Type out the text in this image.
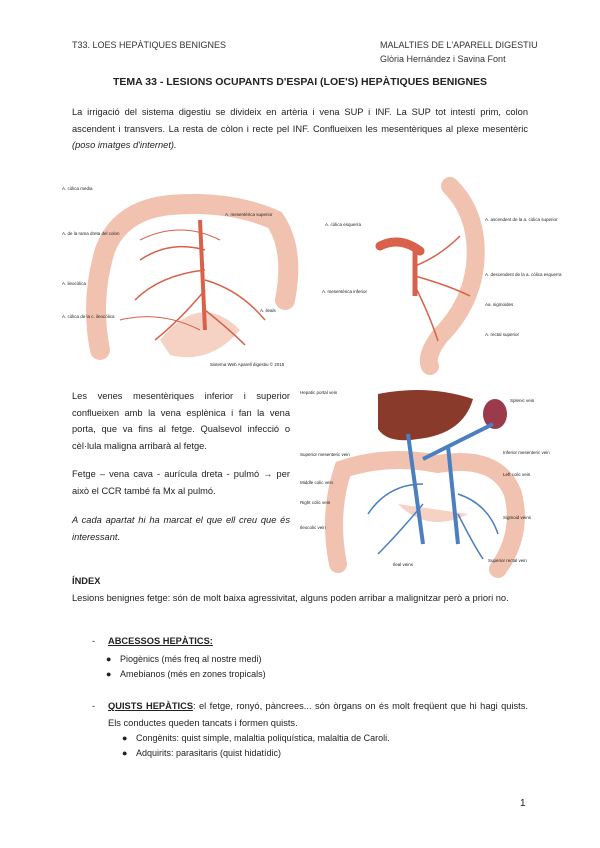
T33. LOES HEPÀTIQUES BENIGNES	MALALTIES DE L'APARELL DIGESTIU
Glòria Hernández i Savina Font
TEMA 33 - LESIONS OCUPANTS D'ESPAI (LOE'S) HEPÀTIQUES BENIGNES
La irrigació del sistema digestiu se divideix en artèria i vena SUP i INF. La SUP tot intestí prim, colon ascendent i transvers. La resta de còlon i recte pel INF. Conflueixen les mesentèriques al plexe mesentèric (poso imatges d'internet).
A. còlica media
A. mesentèrica superior
A. de la rama dreta del colon
A. ileocòlica
A. còlica de la c. ileocòlica
A. ileals
Sistema Web Aparell digestiu © 2015
A. còlica esquerra
A. ascendent de la a. còlica superior
A. mesentèrica inferior
A. descendent de la a. còlica esquerra
Aa. sigmoides
A. rectal superior
Les venes mesentèriques inferior i superior conflueixen amb la vena esplènica i fan la vena porta, que va fins al fetge. Qualsevol infecció o cèl·lula maligna arribarà al fetge.
Fetge – vena cava - aurícula dreta - pulmó → per això el CCR també fa Mx al pulmó.
A cada apartat hi ha marcat el que ell creu que és interessant.
Hepatic portal vein
Splenic vein
Superior mesenteric vein	Inferior mesenteric vein
Middle colic vein
Left colic vein
Right colic vein
Ileocolic vein
Sigmoid veins
Superior rectal vein
Ileal veins
ÍNDEX
Lesions benignes fetge: són de molt baixa agressivitat, alguns poden arribar a malignitzar però a priori no.
- ABCESSOS HEPÀTICS:
● Piogènics (més freq al nostre medi)
● Amebianos (més en zones tropicals)
- QUISTS HEPÀTICS: el fetge, ronyó, pàncrees... són òrgans on és molt freqüent que hi hagi quists. Els conductes queden tancats i formen quists.
● Congènits: quist simple, malaltia poliquística, malaltia de Caroli.
● Adquirits: parasitaris (quist hidatídic)
1
